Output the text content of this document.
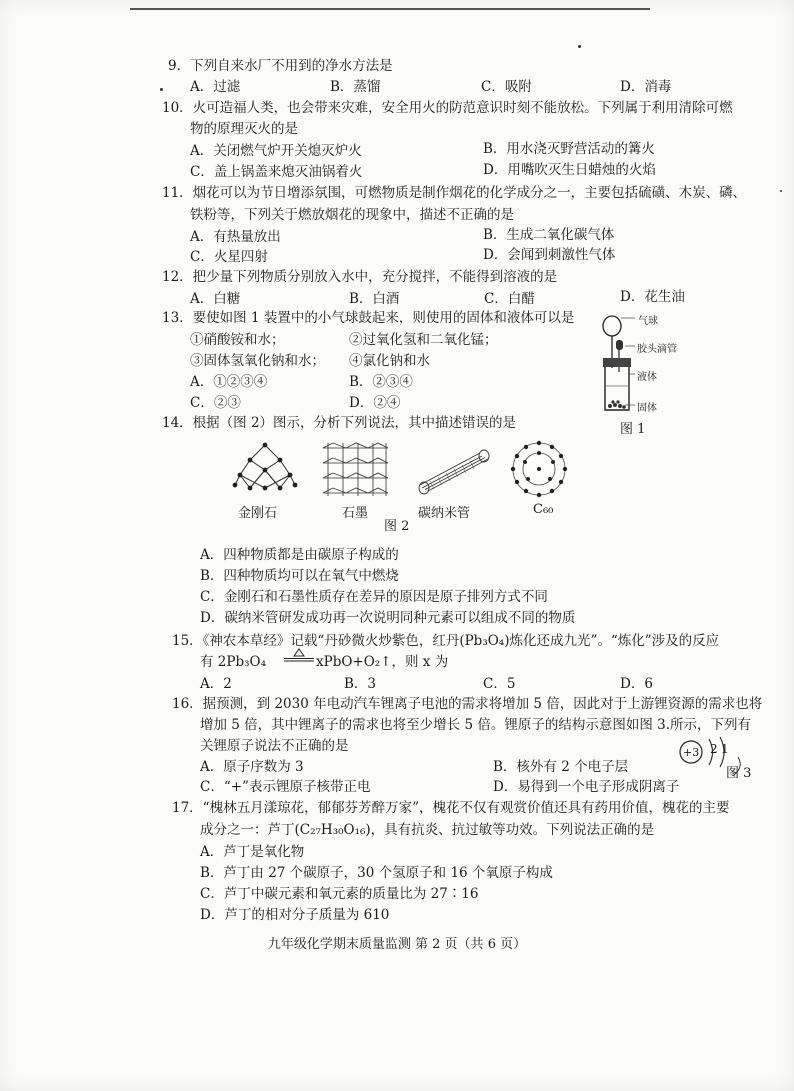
9．下列自来水厂不用到的净水方法是
A．过滤	B．蒸馏	C．吸附	D．消毒
10．火可造福人类，也会带来灾难，安全用火的防范意识时刻不能放松。下列属于利用清除可燃
物的原理灭火的是
A．关闭燃气炉开关熄灭炉火	B．用水浇灭野营活动的篝火
C．盖上锅盖来熄灭油锅着火	D．用嘴吹灭生日蜡烛的火焰
11．烟花可以为节日增添氛围，可燃物质是制作烟花的化学成分之一，主要包括硫磺、木炭、磷、
铁粉等，下列关于燃放烟花的现象中，描述不正确的是
A．有热量放出	B．生成二氧化碳气体
C．火星四射	D．会闻到刺激性气体
12．把少量下列物质分别放入水中，充分搅拌，不能得到溶液的是
A．白糖	B．白酒	C．白醋	D．花生油
13．要使如图 1 装置中的小气球鼓起来，则使用的固体和液体可以是
①硝酸铵和水；	②过氧化氢和二氧化锰；
③固体氢氧化钠和水； ④氯化钠和水
A．①②③④	B．②③④
C．②③	D．②④
气球
胶头滴管
液体
固体
图 1
14．根据（图 2）图示，分析下列说法，其中描述错误的是
金刚石	石墨	碳纳米管	C₆₀
图 2
A．四种物质都是由碳原子构成的
B．四种物质均可以在氧气中燃烧
C．金刚石和石墨性质存在差异的原因是原子排列方式不同
D．碳纳米管研发成功再一次说明同种元素可以组成不同的物质
15．《神农本草经》记载“丹砂微火炒紫色，红丹(Pb₃O₄)炼化还成九光”。“炼化”涉及的反应
有 2Pb₃O₄	xPbO+O₂↑，则 x 为
A．2	B．3	C．5	D．6
16．据预测，到 2030 年电动汽车锂离子电池的需求将增加 5 倍，因此对于上游锂资源的需求也将
增加 5 倍，其中锂离子的需求也将至少增长 5 倍。锂原子的结构示意图如图 3.所示，下列有
关锂原子说法不正确的是
A．原子序数为 3	B．核外有 2 个电子层
C．“+”表示锂原子核带正电	D．易得到一个电子形成阴离子
+3 2 1
图 3
17．“槐林五月漾琼花，郁郁芬芳醉万家”，槐花不仅有观赏价值还具有药用价值，槐花的主要
成分之一：芦丁(C₂₇H₃₀O₁₆)，具有抗炎、抗过敏等功效。下列说法正确的是
A．芦丁是氧化物
B．芦丁由 27 个碳原子，30 个氢原子和 16 个氧原子构成
C．芦丁中碳元素和氧元素的质量比为 27∶16
D．芦丁的相对分子质量为 610
九年级化学期末质量监测 第 2 页（共 6 页）
